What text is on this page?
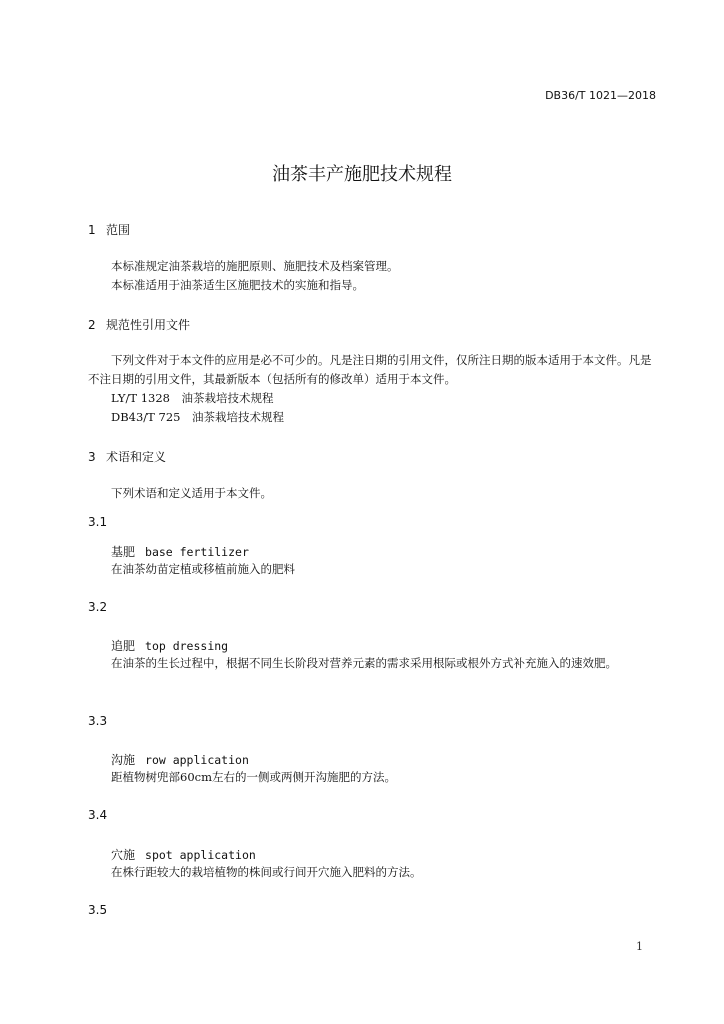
DB36/T 1021—2018
油茶丰产施肥技术规程
1 范围
本标准规定油茶栽培的施肥原则、施肥技术及档案管理。
本标准适用于油茶适生区施肥技术的实施和指导。
2 规范性引用文件
下列文件对于本文件的应用是必不可少的。凡是注日期的引用文件，仅所注日期的版本适用于本文件。凡是不注日期的引用文件，其最新版本（包括所有的修改单）适用于本文件。
LY/T 1328　油茶栽培技术规程
DB43/T 725　油茶栽培技术规程
3 术语和定义
下列术语和定义适用于本文件。
3.1
基肥 base fertilizer
在油茶幼苗定植或移植前施入的肥料
3.2
追肥 top dressing
在油茶的生长过程中，根据不同生长阶段对营养元素的需求采用根际或根外方式补充施入的速效肥。
3.3
沟施 row application
距植物树兜部60cm左右的一侧或两侧开沟施肥的方法。
3.4
穴施 spot application
在株行距较大的栽培植物的株间或行间开穴施入肥料的方法。
3.5
1
